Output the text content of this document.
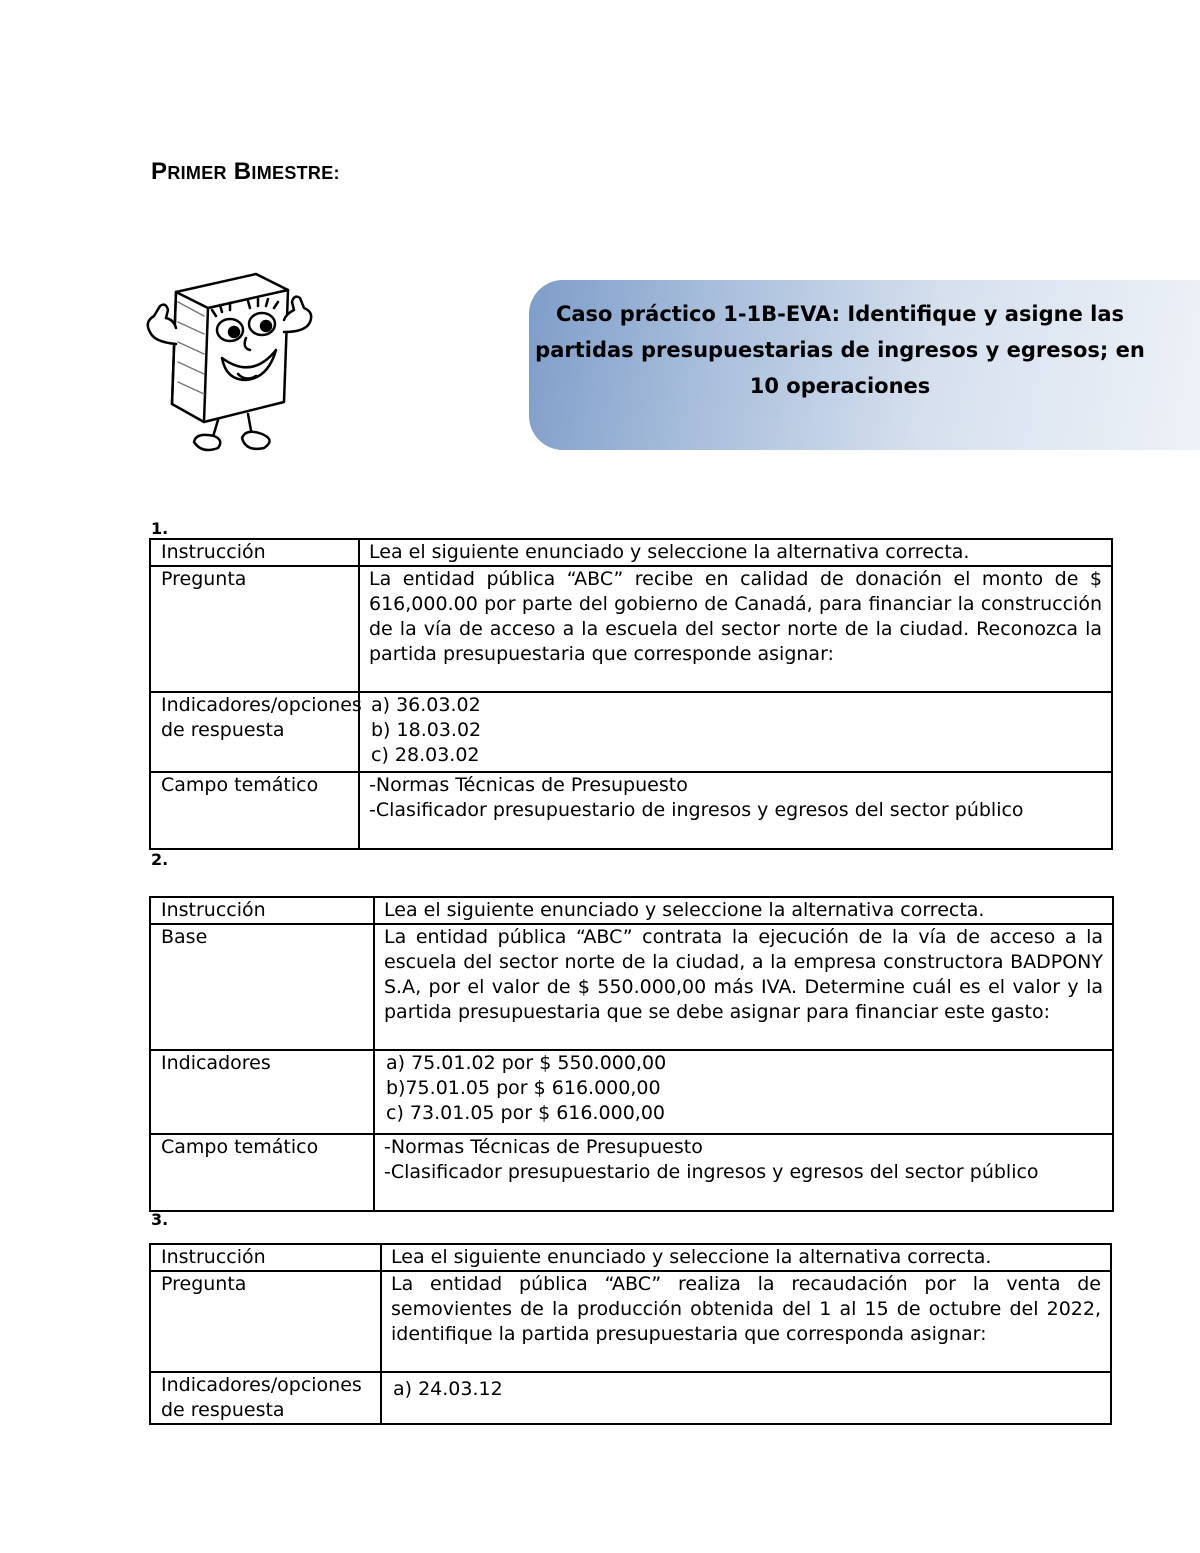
PRIMER BIMESTRE:
Caso práctico 1-1B-EVA: Identifique y asigne las
partidas presupuestarias de ingresos y egresos; en
10 operaciones
1.
Instrucción	Lea el siguiente enunciado y seleccione la alternativa correcta.
Pregunta	La entidad pública “ABC” recibe en calidad de donación el monto de $ 616,000.00 por parte del gobierno de Canadá, para financiar la construcción de la vía de acceso a la escuela del sector norte de la ciudad. Reconozca la partida presupuestaria que corresponde asignar:
Indicadores/opciones de respuesta	a) 36.03.02
b) 18.03.02
c) 28.03.02

Campo temático	-Normas Técnicas de Presupuesto
-Clasificador presupuestario de ingresos y egresos del sector público
2.
Instrucción	Lea el siguiente enunciado y seleccione la alternativa correcta.
Base	La entidad pública “ABC” contrata la ejecución de la vía de acceso a la escuela del sector norte de la ciudad, a la empresa constructora BADPONY S.A, por el valor de $ 550.000,00 más IVA. Determine cuál es el valor y la partida presupuestaria que se debe asignar para financiar este gasto:
Indicadores	a) 75.01.02 por $ 550.000,00
b)75.01.05 por $ 616.000,00
c) 73.01.05 por $ 616.000,00

Campo temático	-Normas Técnicas de Presupuesto
-Clasificador presupuestario de ingresos y egresos del sector público
3.
Instrucción	Lea el siguiente enunciado y seleccione la alternativa correcta.
Pregunta	La entidad pública “ABC” realiza la recaudación por la venta de semovientes de la producción obtenida del 1 al 15 de octubre del 2022, identifique la partida presupuestaria que corresponda asignar:
Indicadores/opciones de respuesta	a) 24.03.12
